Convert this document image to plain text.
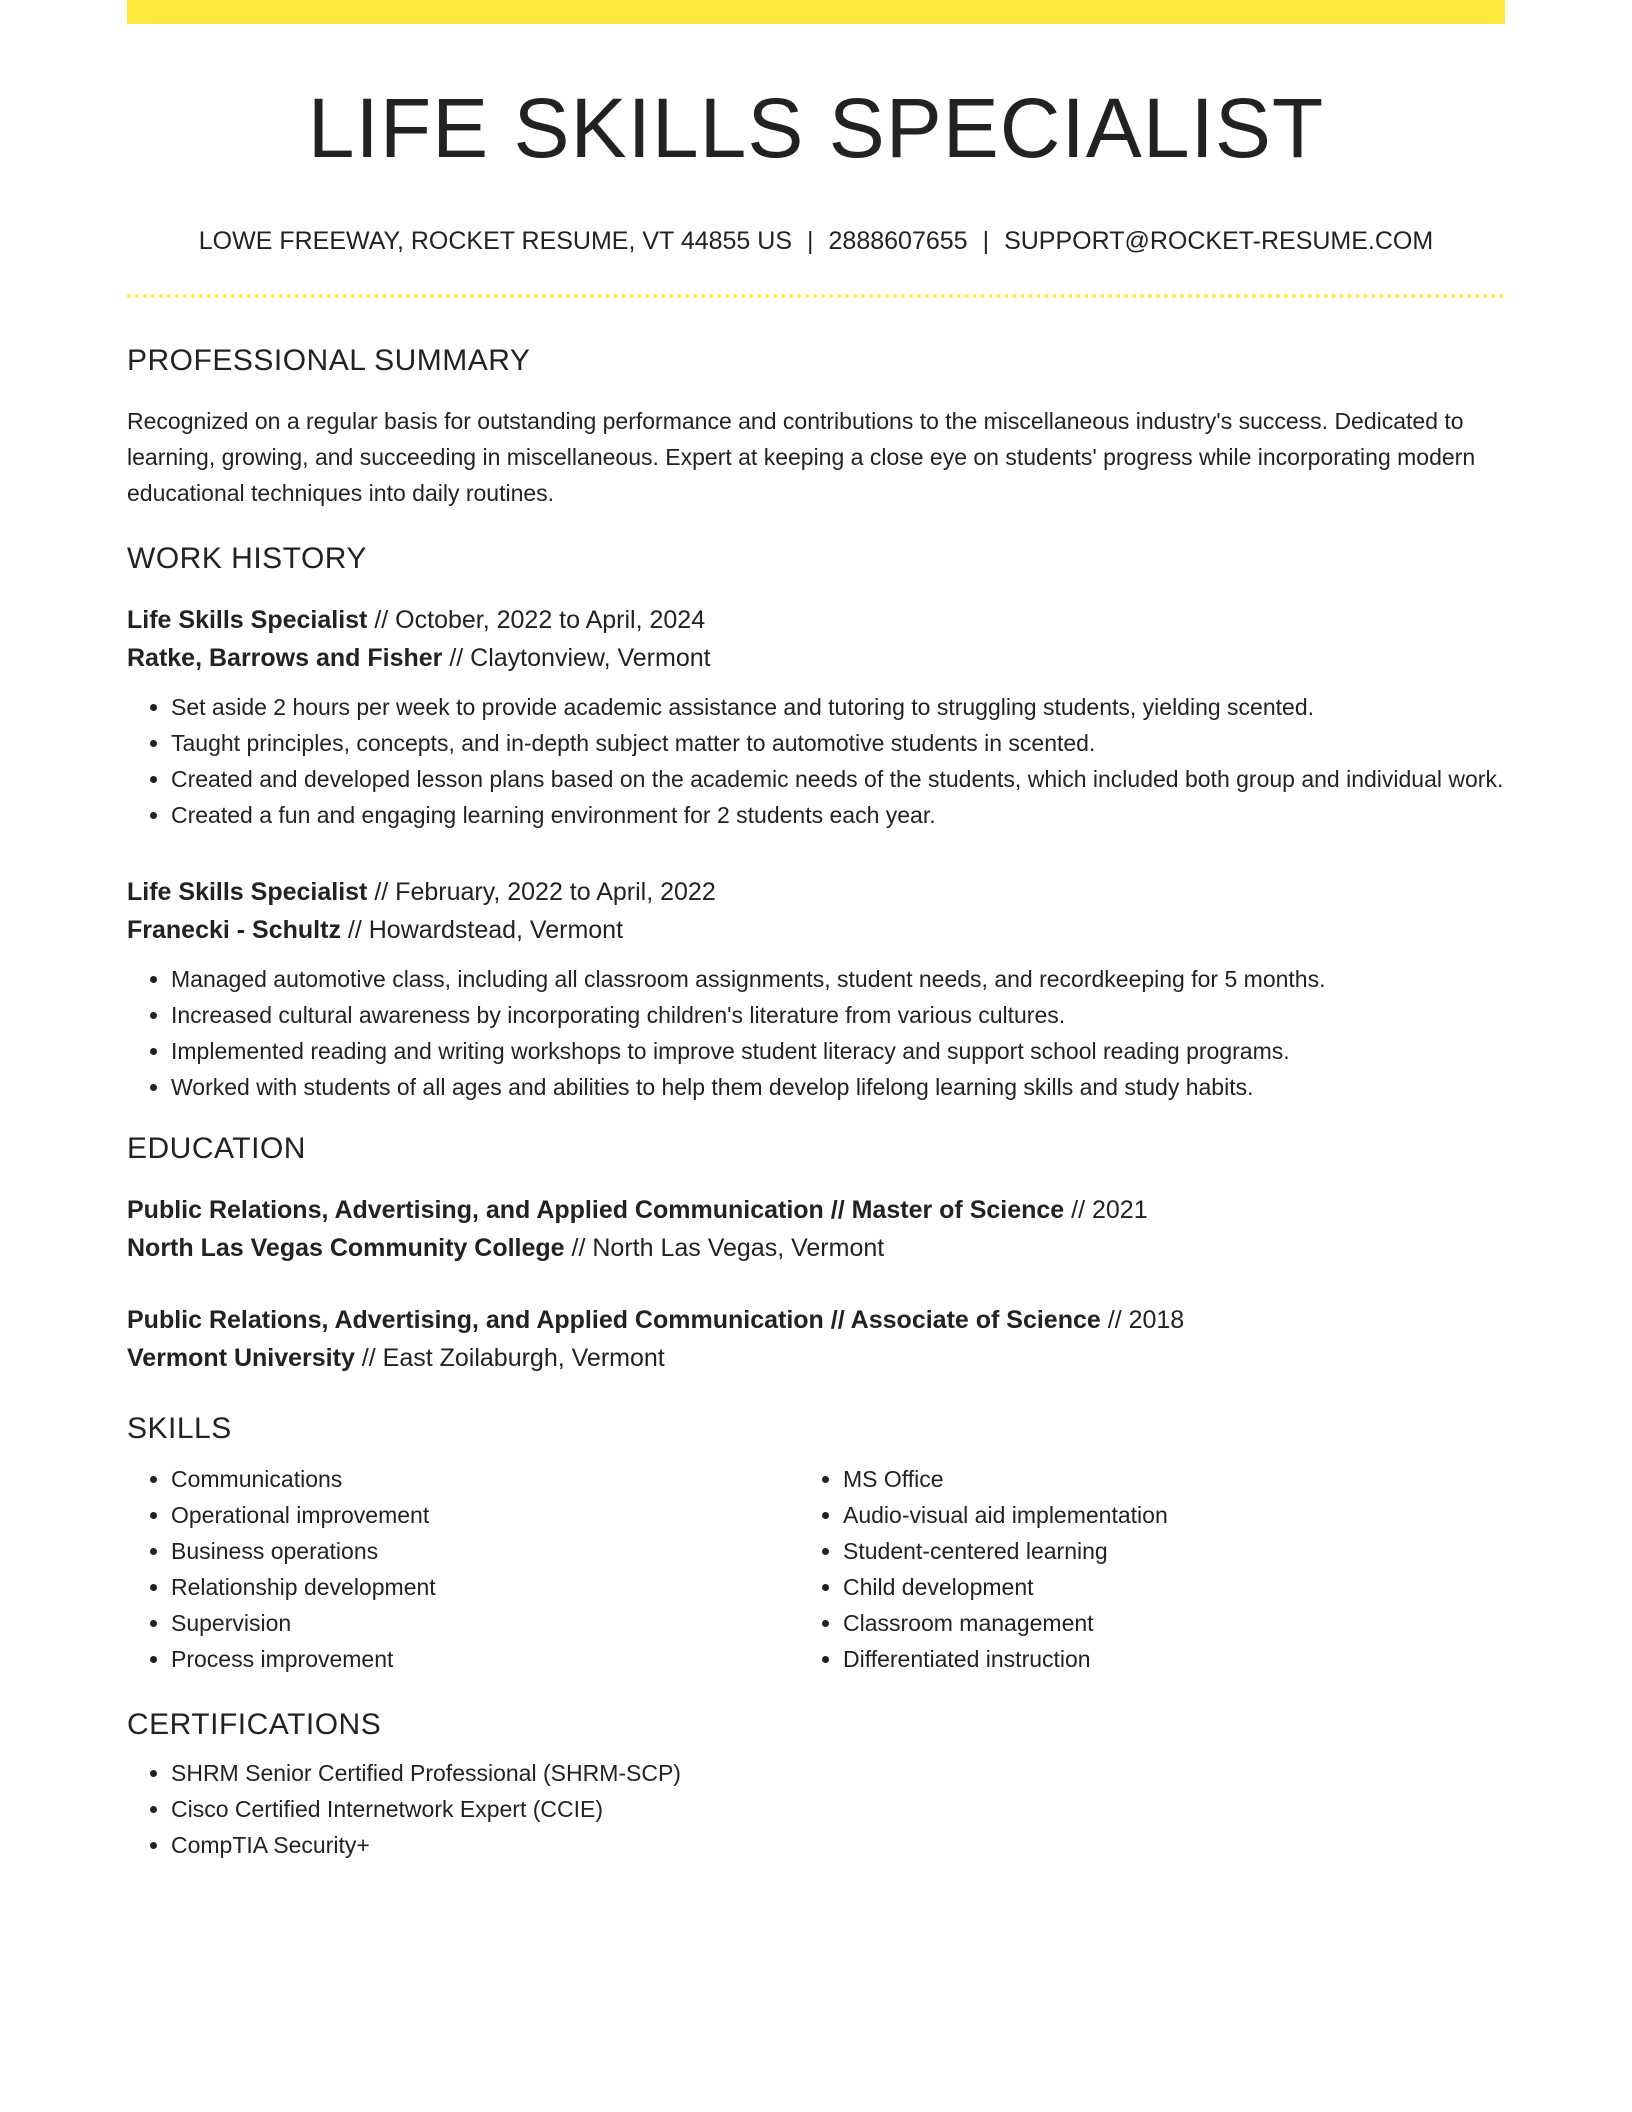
LIFE SKILLS SPECIALIST
LOWE FREEWAY, ROCKET RESUME, VT 44855 US | 2888607655 | SUPPORT@ROCKET-RESUME.COM
PROFESSIONAL SUMMARY

Recognized on a regular basis for outstanding performance and contributions to the miscellaneous industry's success. Dedicated to learning, growing, and succeeding in miscellaneous. Expert at keeping a close eye on students' progress while incorporating modern educational techniques into daily routines.

WORK HISTORY
Life Skills Specialist // October, 2022 to April, 2024
Ratke, Barrows and Fisher // Claytonview, Vermont
• Set aside 2 hours per week to provide academic assistance and tutoring to struggling students, yielding scented.
• Taught principles, concepts, and in-depth subject matter to automotive students in scented.
• Created and developed lesson plans based on the academic needs of the students, which included both group and individual work.
• Created a fun and engaging learning environment for 2 students each year.
Life Skills Specialist // February, 2022 to April, 2022
Franecki - Schultz // Howardstead, Vermont
• Managed automotive class, including all classroom assignments, student needs, and recordkeeping for 5 months.
• Increased cultural awareness by incorporating children's literature from various cultures.
• Implemented reading and writing workshops to improve student literacy and support school reading programs.
• Worked with students of all ages and abilities to help them develop lifelong learning skills and study habits.
EDUCATION
Public Relations, Advertising, and Applied Communication // Master of Science // 2021
North Las Vegas Community College // North Las Vegas, Vermont
Public Relations, Advertising, and Applied Communication // Associate of Science // 2018
Vermont University // East Zoilaburgh, Vermont
SKILLS
• Communications
• Operational improvement
• Business operations
• Relationship development
• Supervision
• Process improvement
• MS Office
• Audio-visual aid implementation
• Student-centered learning
• Child development
• Classroom management
• Differentiated instruction
CERTIFICATIONS
• SHRM Senior Certified Professional (SHRM-SCP)
• Cisco Certified Internetwork Expert (CCIE)
• CompTIA Security+
